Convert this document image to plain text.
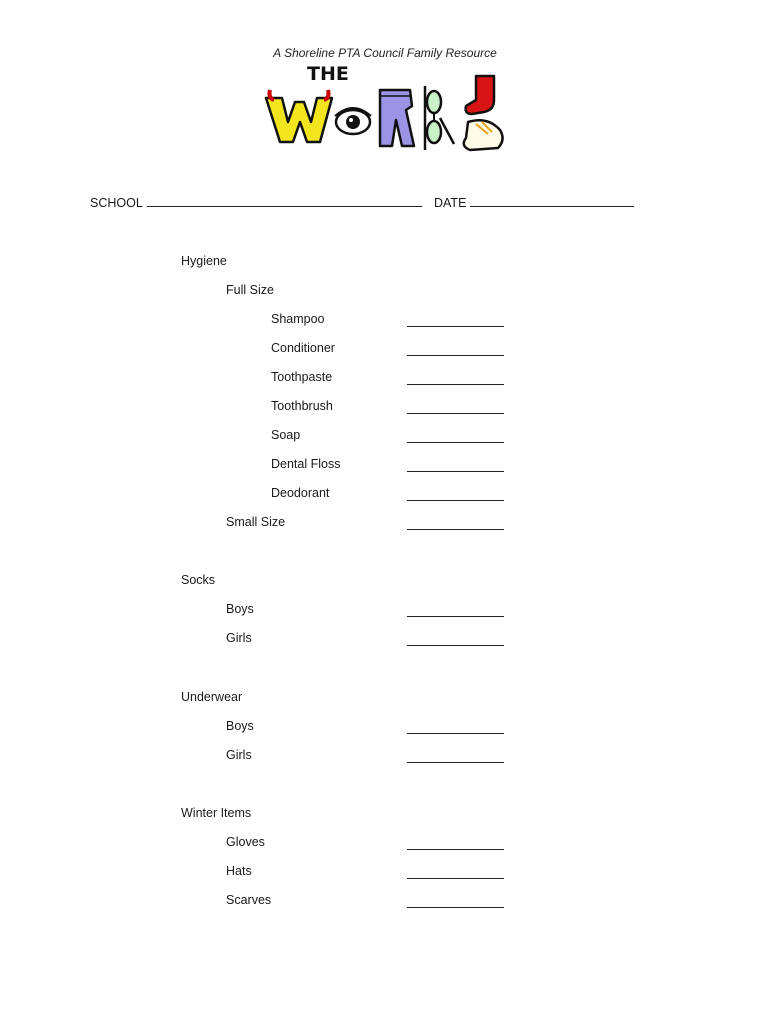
A Shoreline PTA Council Family Resource
THE
SCHOOL	DATE
Hygiene
Full Size
Shampoo
Conditioner
Toothpaste
Toothbrush
Soap
Dental Floss
Deodorant
Small Size
Socks
Boys
Girls
Underwear
Boys
Girls
Winter Items
Gloves
Hats
Scarves
